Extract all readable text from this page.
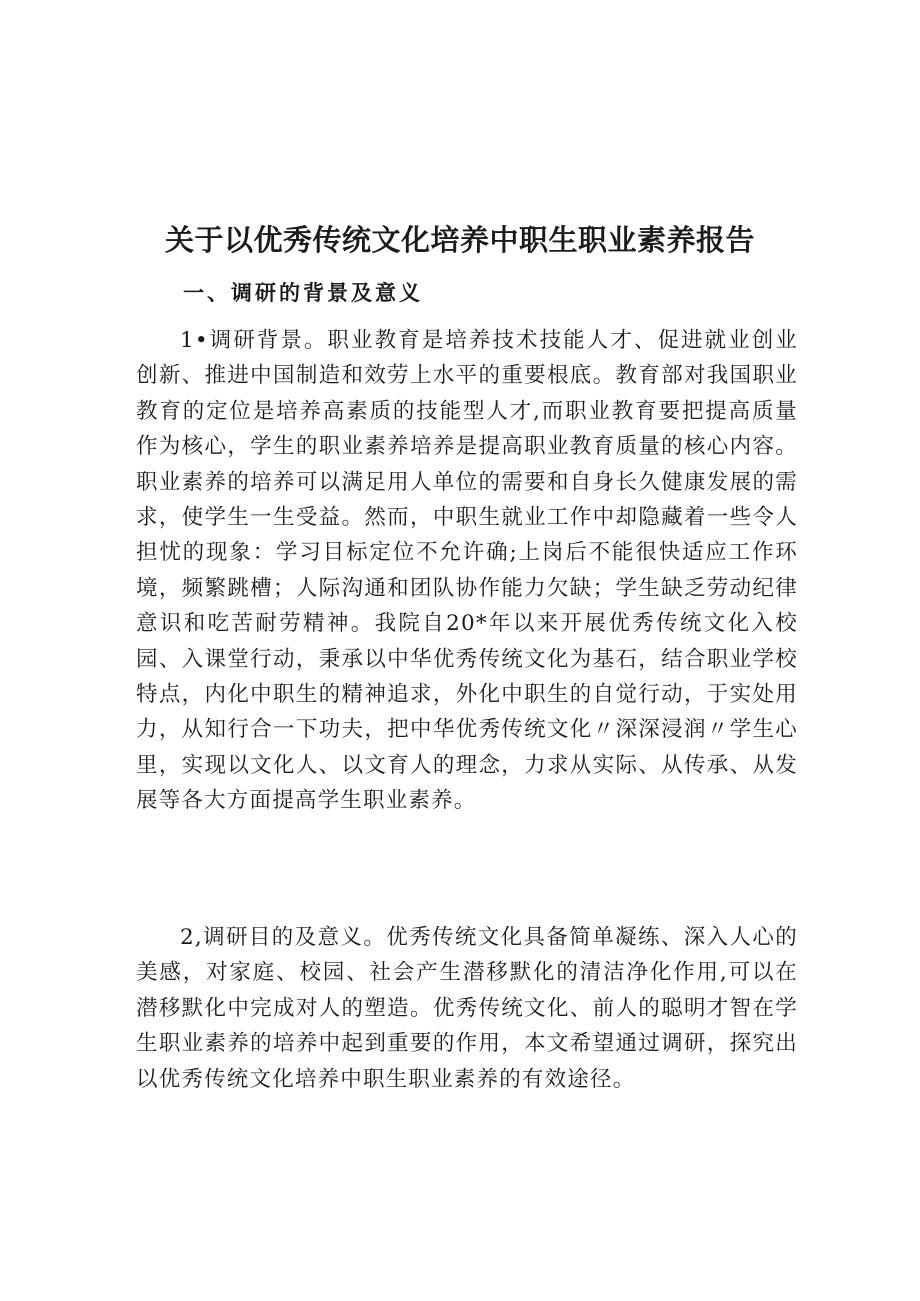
关于以优秀传统文化培养中职生职业素养报告
一、调研的背景及意义

1•调研背景。职业教育是培养技术技能人才、促进就业创业创新、推进中国制造和效劳上水平的重要根底。教育部对我国职业教育的定位是培养高素质的技能型人才,而职业教育要把提高质量作为核心，学生的职业素养培养是提高职业教育质量的核心内容。职业素养的培养可以满足用人单位的需要和自身长久健康发展的需求，使学生一生受益。然而，中职生就业工作中却隐藏着一些令人担忧的现象：学习目标定位不允许确;上岗后不能很快适应工作环境，频繁跳槽；人际沟通和团队协作能力欠缺；学生缺乏劳动纪律意识和吃苦耐劳精神。我院自20*年以来开展优秀传统文化入校园、入课堂行动，秉承以中华优秀传统文化为基石，结合职业学校特点，内化中职生的精神追求，外化中职生的自觉行动，于实处用力，从知行合一下功夫，把中华优秀传统文化〃深深浸润〃学生心里，实现以文化人、以文育人的理念，力求从实际、从传承、从发展等各大方面提高学生职业素养。

2,调研目的及意义。优秀传统文化具备简单凝练、深入人心的美感，对家庭、校园、社会产生潜移默化的清洁净化作用,可以在潜移默化中完成对人的塑造。优秀传统文化、前人的聪明才智在学生职业素养的培养中起到重要的作用，本文希望通过调研，探究出以优秀传统文化培养中职生职业素养的有效途径。
